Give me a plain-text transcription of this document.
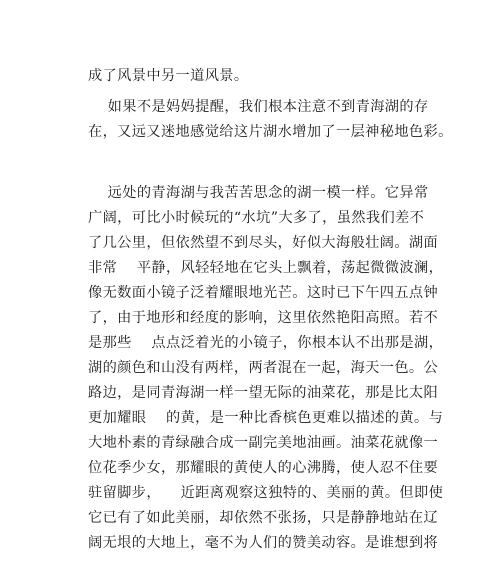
成了风景中另一道风景。
如果不是妈妈提醒，我们根本注意不到青海湖的存
在，又远又迷地感觉给这片湖水增加了一层神秘地色彩。
远处的青海湖与我苦苦思念的湖一模一样。它异常
广阔，可比小时候玩的“水坑”大多了，虽然我们差不
了几公里，但依然望不到尽头，好似大海般壮阔。湖面
非常    平静，风轻轻地在它头上飘着，荡起微微波澜，
像无数面小镜子泛着耀眼地光芒。这时已下午四五点钟
了，由于地形和经度的影响，这里依然艳阳高照。若不
是那些    点点泛着光的小镜子，你根本认不出那是湖，
湖的颜色和山没有两样，两者混在一起，海天一色。公
路边，是同青海湖一样一望无际的油菜花，那是比太阳
更加耀眼    的黄，是一种比香槟色更难以描述的黄。与
大地朴素的青绿融合成一副完美地油画。油菜花就像一
位花季少女，那耀眼的黄使人的心沸腾，使人忍不住要
驻留脚步，    近距离观察这独特的、美丽的黄。但即使
它已有了如此美丽，却依然不张扬，只是静静地站在辽
阔无垠的大地上，毫不为人们的赞美动容。是谁想到将
